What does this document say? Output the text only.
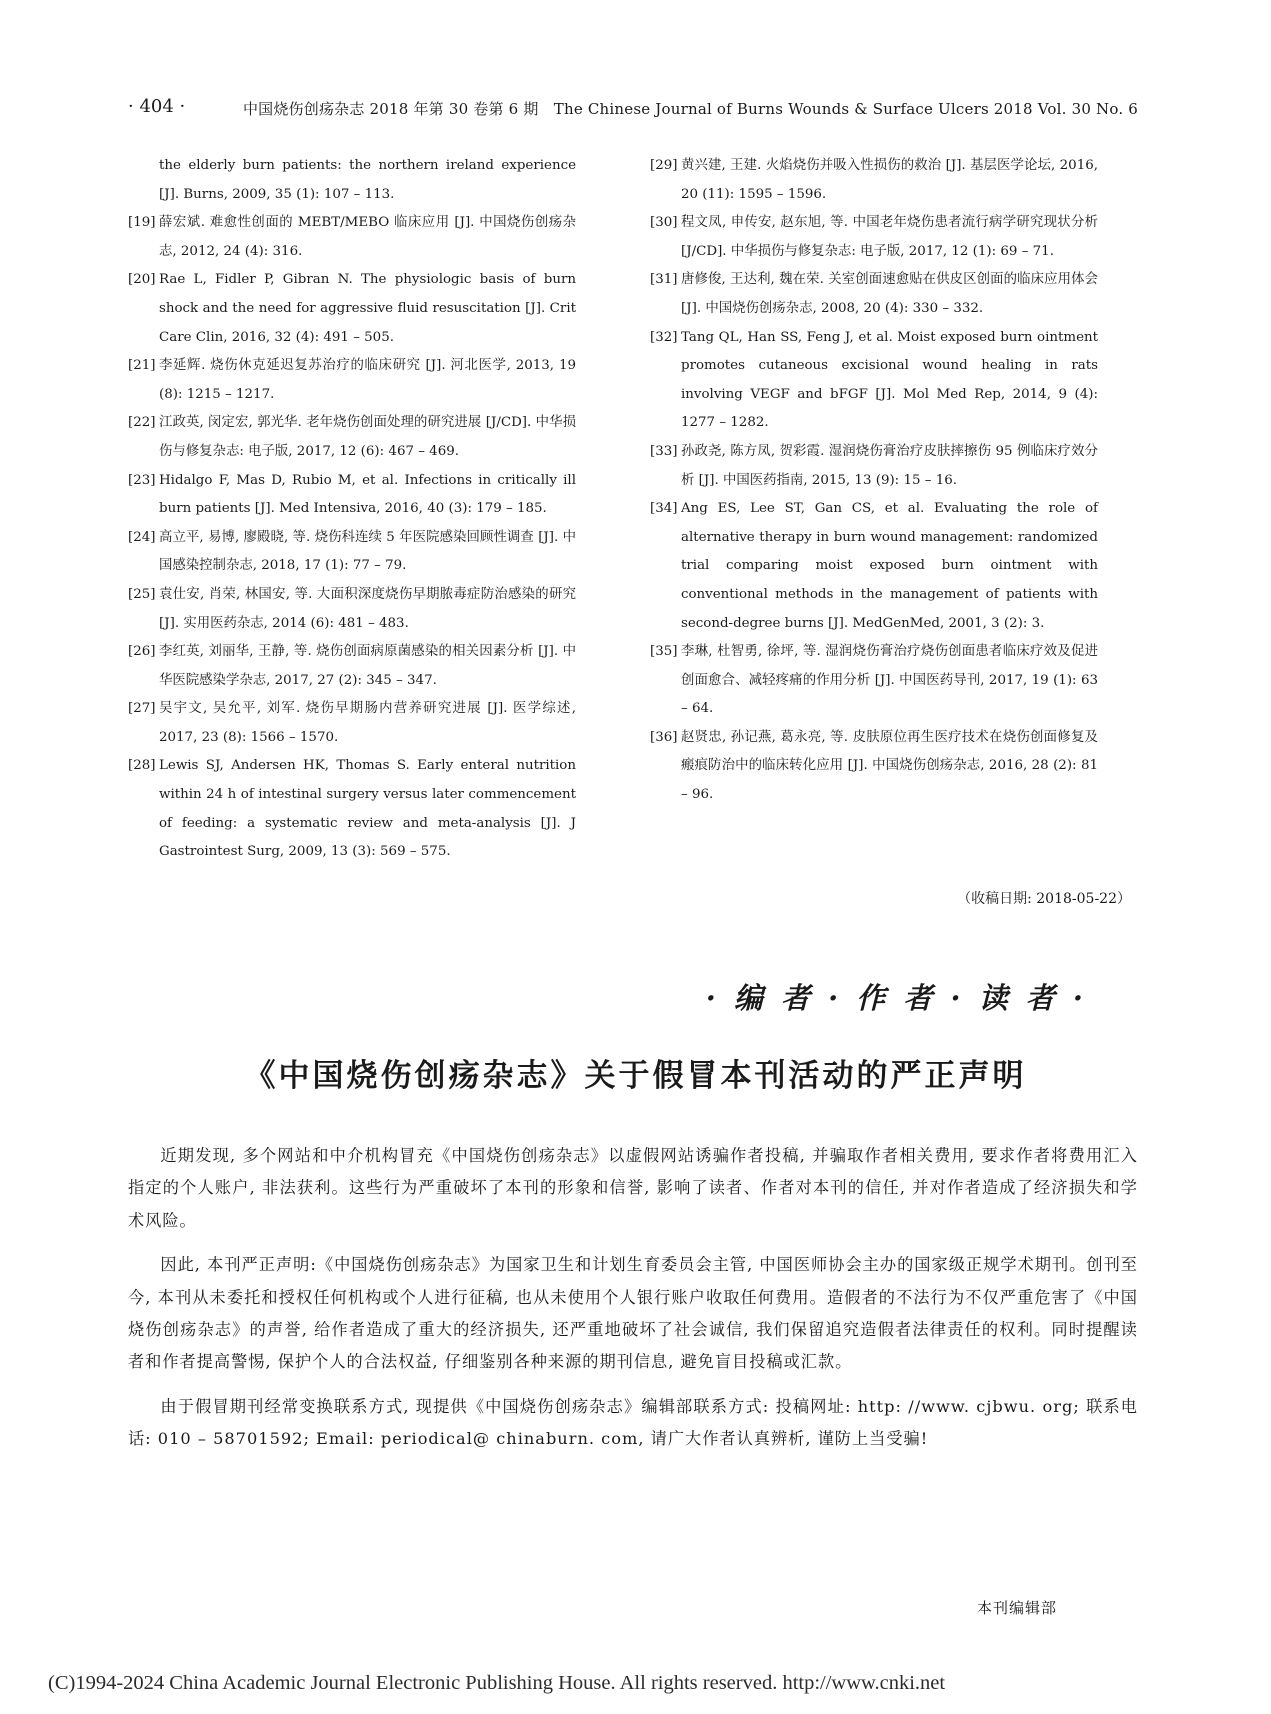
· 404 ·	中国烧伤创疡杂志 2018 年第 30 卷第 6 期　The Chinese Journal of Burns Wounds & Surface Ulcers 2018 Vol. 30 No. 6
the elderly burn patients: the northern ireland experience [J]. Burns, 2009, 35 (1): 107 – 113.
[19] 薛宏斌. 难愈性创面的 MEBT/MEBO 临床应用 [J]. 中国烧伤创疡杂志, 2012, 24 (4): 316.
[20] Rae L, Fidler P, Gibran N. The physiologic basis of burn shock and the need for aggressive fluid resuscitation [J]. Crit Care Clin, 2016, 32 (4): 491 – 505.
[21] 李延辉. 烧伤休克延迟复苏治疗的临床研究 [J]. 河北医学, 2013, 19 (8): 1215 – 1217.
[22] 江政英, 闵定宏, 郭光华. 老年烧伤创面处理的研究进展 [J/CD]. 中华损伤与修复杂志: 电子版, 2017, 12 (6): 467 – 469.
[23] Hidalgo F, Mas D, Rubio M, et al. Infections in critically ill burn patients [J]. Med Intensiva, 2016, 40 (3): 179 – 185.
[24] 高立平, 易博, 廖殿晓, 等. 烧伤科连续 5 年医院感染回顾性调查 [J]. 中国感染控制杂志, 2018, 17 (1): 77 – 79.
[25] 袁仕安, 肖荣, 林国安, 等. 大面积深度烧伤早期脓毒症防治感染的研究 [J]. 实用医药杂志, 2014 (6): 481 – 483.
[26] 李红英, 刘丽华, 王静, 等. 烧伤创面病原菌感染的相关因素分析 [J]. 中华医院感染学杂志, 2017, 27 (2): 345 – 347.
[27] 吴宇文, 吴允平, 刘军. 烧伤早期肠内营养研究进展 [J]. 医学综述, 2017, 23 (8): 1566 – 1570.
[28] Lewis SJ, Andersen HK, Thomas S. Early enteral nutrition within 24 h of intestinal surgery versus later commencement of feeding: a systematic review and meta-analysis [J]. J Gastrointest Surg, 2009, 13 (3): 569 – 575.
[29] 黄兴建, 王建. 火焰烧伤并吸入性损伤的救治 [J]. 基层医学论坛, 2016, 20 (11): 1595 – 1596.
[30] 程文凤, 申传安, 赵东旭, 等. 中国老年烧伤患者流行病学研究现状分析 [J/CD]. 中华损伤与修复杂志: 电子版, 2017, 12 (1): 69 – 71.
[31] 唐修俊, 王达利, 魏在荣. 关室创面速愈贴在供皮区创面的临床应用体会 [J]. 中国烧伤创疡杂志, 2008, 20 (4): 330 – 332.
[32] Tang QL, Han SS, Feng J, et al. Moist exposed burn ointment promotes cutaneous excisional wound healing in rats involving VEGF and bFGF [J]. Mol Med Rep, 2014, 9 (4): 1277 – 1282.
[33] 孙政尧, 陈方凤, 贺彩霞. 湿润烧伤膏治疗皮肤摔擦伤 95 例临床疗效分析 [J]. 中国医药指南, 2015, 13 (9): 15 – 16.
[34] Ang ES, Lee ST, Gan CS, et al. Evaluating the role of alternative therapy in burn wound management: randomized trial comparing moist exposed burn ointment with conventional methods in the management of patients with second-degree burns [J]. MedGenMed, 2001, 3 (2): 3.
[35] 李琳, 杜智勇, 徐坪, 等. 湿润烧伤膏治疗烧伤创面患者临床疗效及促进创面愈合、减轻疼痛的作用分析 [J]. 中国医药导刊, 2017, 19 (1): 63 – 64.
[36] 赵贤忠, 孙记燕, 葛永亮, 等. 皮肤原位再生医疗技术在烧伤创面修复及瘢痕防治中的临床转化应用 [J]. 中国烧伤创疡杂志, 2016, 28 (2): 81 – 96.
（收稿日期: 2018-05-22）
· 编 者 · 作 者 · 读 者 ·
《中国烧伤创疡杂志》关于假冒本刊活动的严正声明

近期发现, 多个网站和中介机构冒充《中国烧伤创疡杂志》以虚假网站诱骗作者投稿, 并骗取作者相关费用, 要求作者将费用汇入指定的个人账户, 非法获利。这些行为严重破坏了本刊的形象和信誉, 影响了读者、作者对本刊的信任, 并对作者造成了经济损失和学术风险。

因此, 本刊严正声明:《中国烧伤创疡杂志》为国家卫生和计划生育委员会主管, 中国医师协会主办的国家级正规学术期刊。创刊至今, 本刊从未委托和授权任何机构或个人进行征稿, 也从未使用个人银行账户收取任何费用。造假者的不法行为不仅严重危害了《中国烧伤创疡杂志》的声誉, 给作者造成了重大的经济损失, 还严重地破坏了社会诚信, 我们保留追究造假者法律责任的权利。同时提醒读者和作者提高警惕, 保护个人的合法权益, 仔细鉴别各种来源的期刊信息, 避免盲目投稿或汇款。

由于假冒期刊经常变换联系方式, 现提供《中国烧伤创疡杂志》编辑部联系方式: 投稿网址: http: //www. cjbwu. org; 联系电话: 010 – 58701592; Email: periodical@ chinaburn. com, 请广大作者认真辨析, 谨防上当受骗!

本刊编辑部
(C)1994-2024 China Academic Journal Electronic Publishing House. All rights reserved. http://www.cnki.net
